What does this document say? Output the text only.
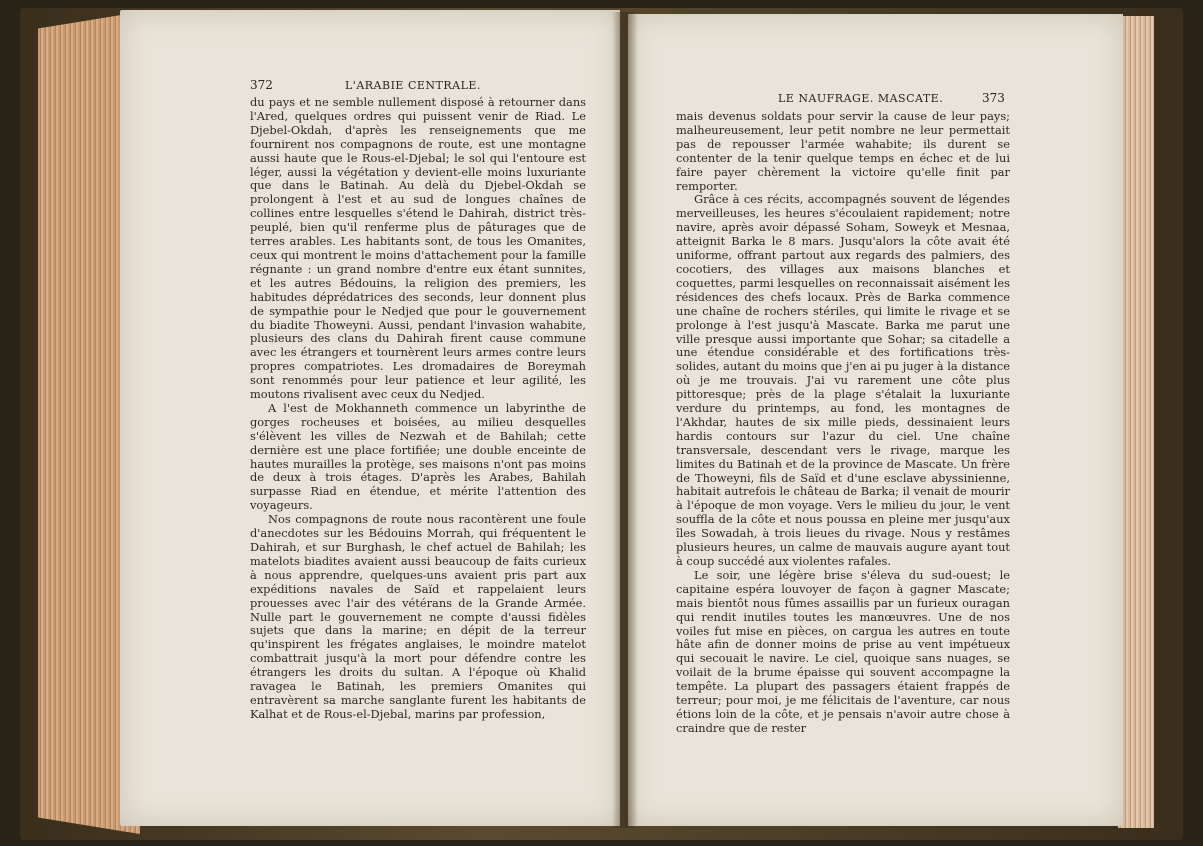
372	L'ARABIE CENTRALE.

du pays et ne semble nullement disposé à retourner dans l'Ared, quelques ordres qui puissent venir de Riad. Le Djebel-Okdah, d'après les renseignements que me fournirent nos compagnons de route, est une montagne aussi haute que le Rous-el-Djebal; le sol qui l'entoure est léger, aussi la végétation y devient-elle moins luxuriante que dans le Batinah. Au delà du Djebel-Okdah se prolongent à l'est et au sud de longues chaînes de collines entre lesquelles s'étend le Dahirah, district très-peuplé, bien qu'il renferme plus de pâturages que de terres arables. Les habitants sont, de tous les Omanites, ceux qui montrent le moins d'attachement pour la famille régnante : un grand nombre d'entre eux étant sunnites, et les autres Bédouins, la religion des premiers, les habitudes déprédatrices des seconds, leur donnent plus de sympathie pour le Nedjed que pour le gouvernement du biadite Thoweyni. Aussi, pendant l'invasion wahabite, plusieurs des clans du Dahirah firent cause commune avec les étrangers et tournèrent leurs armes contre leurs propres compatriotes. Les dromadaires de Boreymah sont renommés pour leur patience et leur agilité, les moutons rivalisent avec ceux du Nedjed.

A l'est de Mokhanneth commence un labyrinthe de gorges rocheuses et boisées, au milieu desquelles s'élèvent les villes de Nezwah et de Bahilah; cette dernière est une place fortifiée; une double enceinte de hautes murailles la protège, ses maisons n'ont pas moins de deux à trois étages. D'après les Arabes, Bahilah surpasse Riad en étendue, et mérite l'attention des voyageurs.

Nos compagnons de route nous racontèrent une foule d'anecdotes sur les Bédouins Morrah, qui fréquentent le Dahirah, et sur Burghash, le chef actuel de Bahilah; les matelots biadites avaient aussi beaucoup de faits curieux à nous apprendre, quelques-uns avaient pris part aux expéditions navales de Saïd et rappelaient leurs prouesses avec l'air des vétérans de la Grande Armée. Nulle part le gouvernement ne compte d'aussi fidèles sujets que dans la marine; en dépit de la terreur qu'inspirent les frégates anglaises, le moindre matelot combattrait jusqu'à la mort pour défendre contre les étrangers les droits du sultan. A l'époque où Khalid ravagea le Batinah, les premiers Omanites qui entravèrent sa marche sanglante furent les habitants de Kalhat et de Rous-el-Djebal, marins par profession,

LE NAUFRAGE. MASCATE.	373

mais devenus soldats pour servir la cause de leur pays; malheureusement, leur petit nombre ne leur permettait pas de repousser l'armée wahabite; ils durent se contenter de la tenir quelque temps en échec et de lui faire payer chèrement la victoire qu'elle finit par remporter.

Grâce à ces récits, accompagnés souvent de légendes merveilleuses, les heures s'écoulaient rapidement; notre navire, après avoir dépassé Soham, Soweyk et Mesnaa, atteignit Barka le 8 mars. Jusqu'alors la côte avait été uniforme, offrant partout aux regards des palmiers, des cocotiers, des villages aux maisons blanches et coquettes, parmi lesquelles on reconnaissait aisément les résidences des chefs locaux. Près de Barka commence une chaîne de rochers stériles, qui limite le rivage et se prolonge à l'est jusqu'à Mascate. Barka me parut une ville presque aussi importante que Sohar; sa citadelle a une étendue considérable et des fortifications très-solides, autant du moins que j'en ai pu juger à la distance où je me trouvais. J'ai vu rarement une côte plus pittoresque; près de la plage s'étalait la luxuriante verdure du printemps, au fond, les montagnes de l'Akhdar, hautes de six mille pieds, dessinaient leurs hardis contours sur l'azur du ciel. Une chaîne transversale, descendant vers le rivage, marque les limites du Batinah et de la province de Mascate. Un frère de Thoweyni, fils de Saïd et d'une esclave abyssinienne, habitait autrefois le château de Barka; il venait de mourir à l'époque de mon voyage. Vers le milieu du jour, le vent souffla de la côte et nous poussa en pleine mer jusqu'aux îles Sowadah, à trois lieues du rivage. Nous y restâmes plusieurs heures, un calme de mauvais augure ayant tout à coup succédé aux violentes rafales.

Le soir, une légère brise s'éleva du sud-ouest; le capitaine espéra louvoyer de façon à gagner Mascate; mais bientôt nous fûmes assaillis par un furieux ouragan qui rendit inutiles toutes les manœuvres. Une de nos voiles fut mise en pièces, on cargua les autres en toute hâte afin de donner moins de prise au vent impétueux qui secouait le navire. Le ciel, quoique sans nuages, se voilait de la brume épaisse qui souvent accompagne la tempête. La plupart des passagers étaient frappés de terreur; pour moi, je me félicitais de l'aventure, car nous étions loin de la côte, et je pensais n'avoir autre chose à craindre que de rester
